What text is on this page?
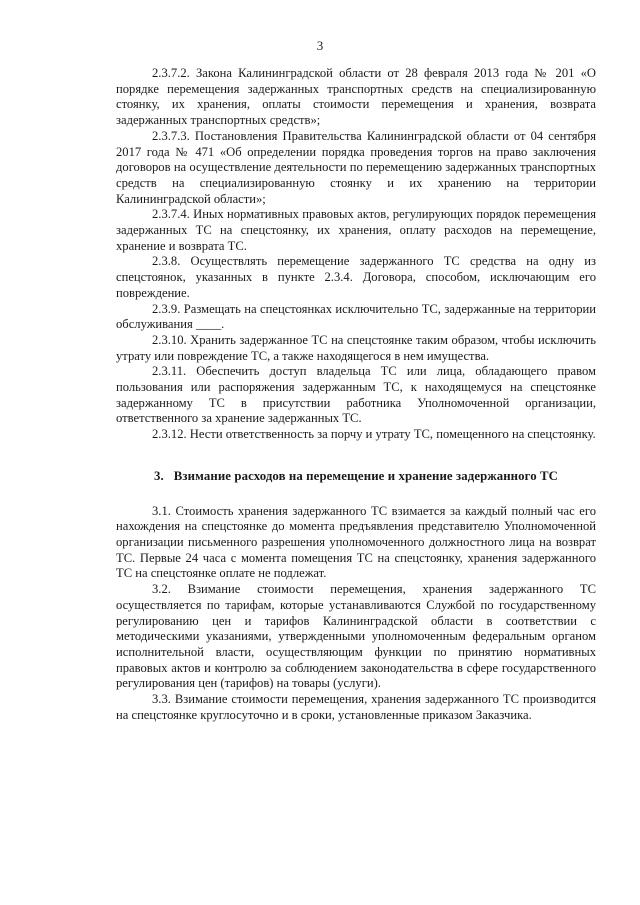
3

2.3.7.2. Закона Калининградской области от 28 февраля 2013 года № 201 «О порядке перемещения задержанных транспортных средств на специализированную стоянку, их хранения, оплаты стоимости перемещения и хранения, возврата задержанных транспортных средств»;

2.3.7.3. Постановления Правительства Калининградской области от 04 сентября 2017 года № 471 «Об определении порядка проведения торгов на право заключения договоров на осуществление деятельности по перемещению задержанных транспортных средств на специализированную стоянку и их хранению на территории Калининградской области»;

2.3.7.4. Иных нормативных правовых актов, регулирующих порядок перемещения задержанных ТС на спецстоянку, их хранения, оплату расходов на перемещение, хранение и возврата ТС.

2.3.8. Осуществлять перемещение задержанного ТС средства на одну из спецстоянок, указанных в пункте 2.3.4. Договора, способом, исключающим его повреждение.

2.3.9. Размещать на спецстоянках исключительно ТС, задержанные на территории обслуживания ____.

2.3.10. Хранить задержанное ТС на спецстоянке таким образом, чтобы исключить утрату или повреждение ТС, а также находящегося в нем имущества.

2.3.11. Обеспечить доступ владельца ТС или лица, обладающего правом пользования или распоряжения задержанным ТС, к находящемуся на спецстоянке задержанному ТС в присутствии работника Уполномоченной организации, ответственного за хранение задержанных ТС.

2.3.12. Нести ответственность за порчу и утрату ТС, помещенного на спецстоянку.

3. Взимание расходов на перемещение и хранение задержанного ТС

3.1. Стоимость хранения задержанного ТС взимается за каждый полный час его нахождения на спецстоянке до момента предъявления представителю Уполномоченной организации письменного разрешения уполномоченного должностного лица на возврат ТС. Первые 24 часа с момента помещения ТС на спецстоянку, хранения задержанного ТС на спецстоянке оплате не подлежат.

3.2. Взимание стоимости перемещения, хранения задержанного ТС осуществляется по тарифам, которые устанавливаются Службой по государственному регулированию цен и тарифов Калининградской области в соответствии с методическими указаниями, утвержденными уполномоченным федеральным органом исполнительной власти, осуществляющим функции по принятию нормативных правовых актов и контролю за соблюдением законодательства в сфере государственного регулирования цен (тарифов) на товары (услуги).

3.3. Взимание стоимости перемещения, хранения задержанного ТС производится на спецстоянке круглосуточно и в сроки, установленные приказом Заказчика.
